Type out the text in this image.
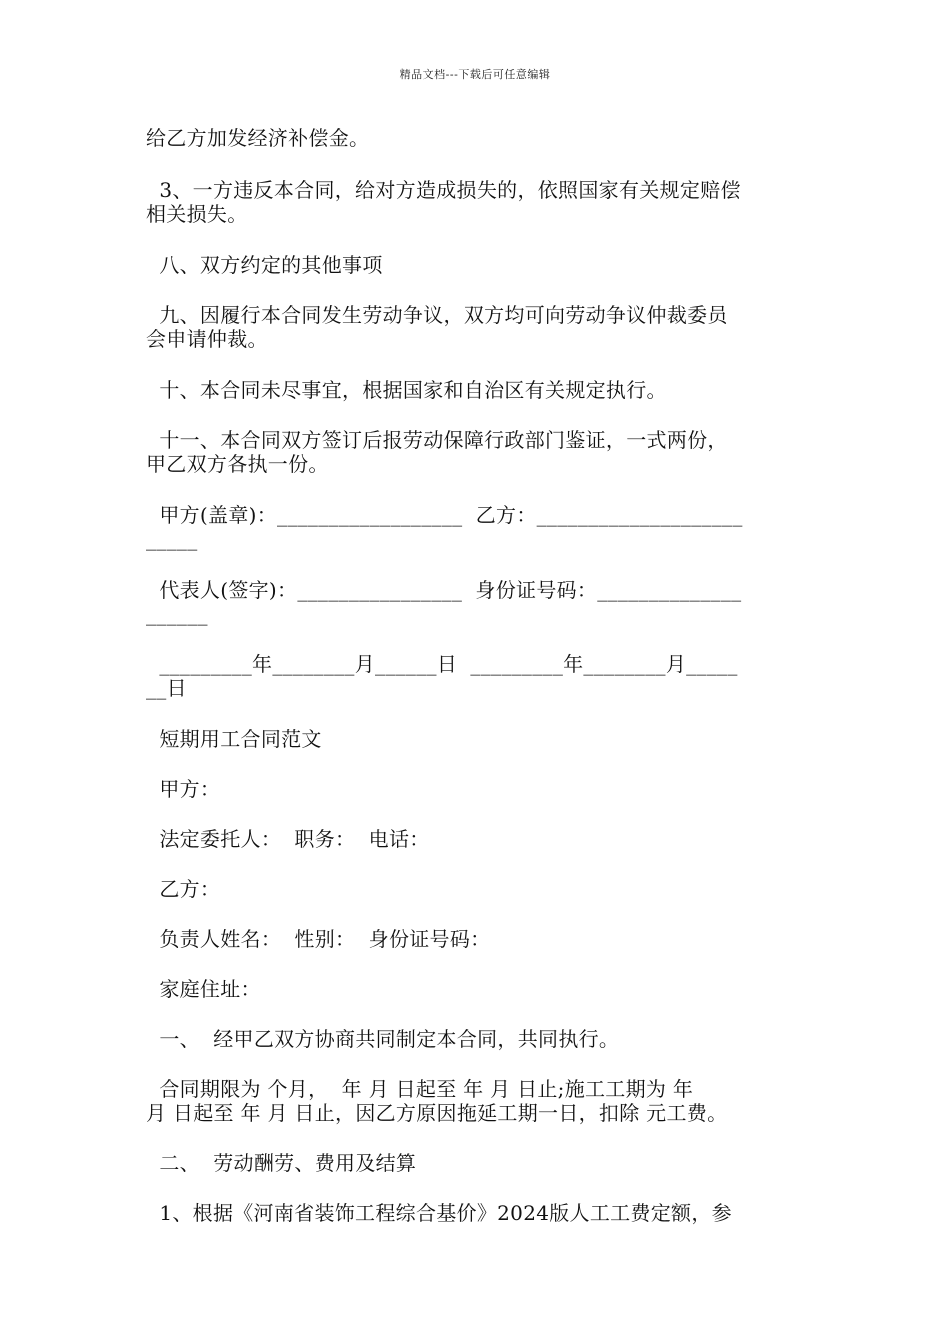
精品文档---下载后可任意编辑
给乙方加发经济补偿金。
3、一方违反本合同，给对方造成损失的，依照国家有关规定赔偿
相关损失。
八、双方约定的其他事项
九、因履行本合同发生劳动争议，双方均可向劳动争议仲裁委员
会申请仲裁。
十、本合同未尽事宜，根据国家和自治区有关规定执行。
十一、本合同双方签订后报劳动保障行政部门鉴证，一式两份，
甲乙双方各执一份。
甲方(盖章)：__________________  乙方：____________________
_____
代表人(签字)：________________  身份证号码：______________
______
_________年________月______日  _________年________月_____
__日
短期用工合同范文
甲方：
法定委托人：  职务：  电话：
乙方：
负责人姓名：  性别：  身份证号码：
家庭住址：
一、  经甲乙双方协商共同制定本合同，共同执行。
合同期限为 个月，  年 月 日起至 年 月 日止;施工工期为 年
月 日起至 年 月 日止，因乙方原因拖延工期一日，扣除 元工费。
二、  劳动酬劳、费用及结算
1、根据《河南省装饰工程综合基价》2024版人工工费定额，参
